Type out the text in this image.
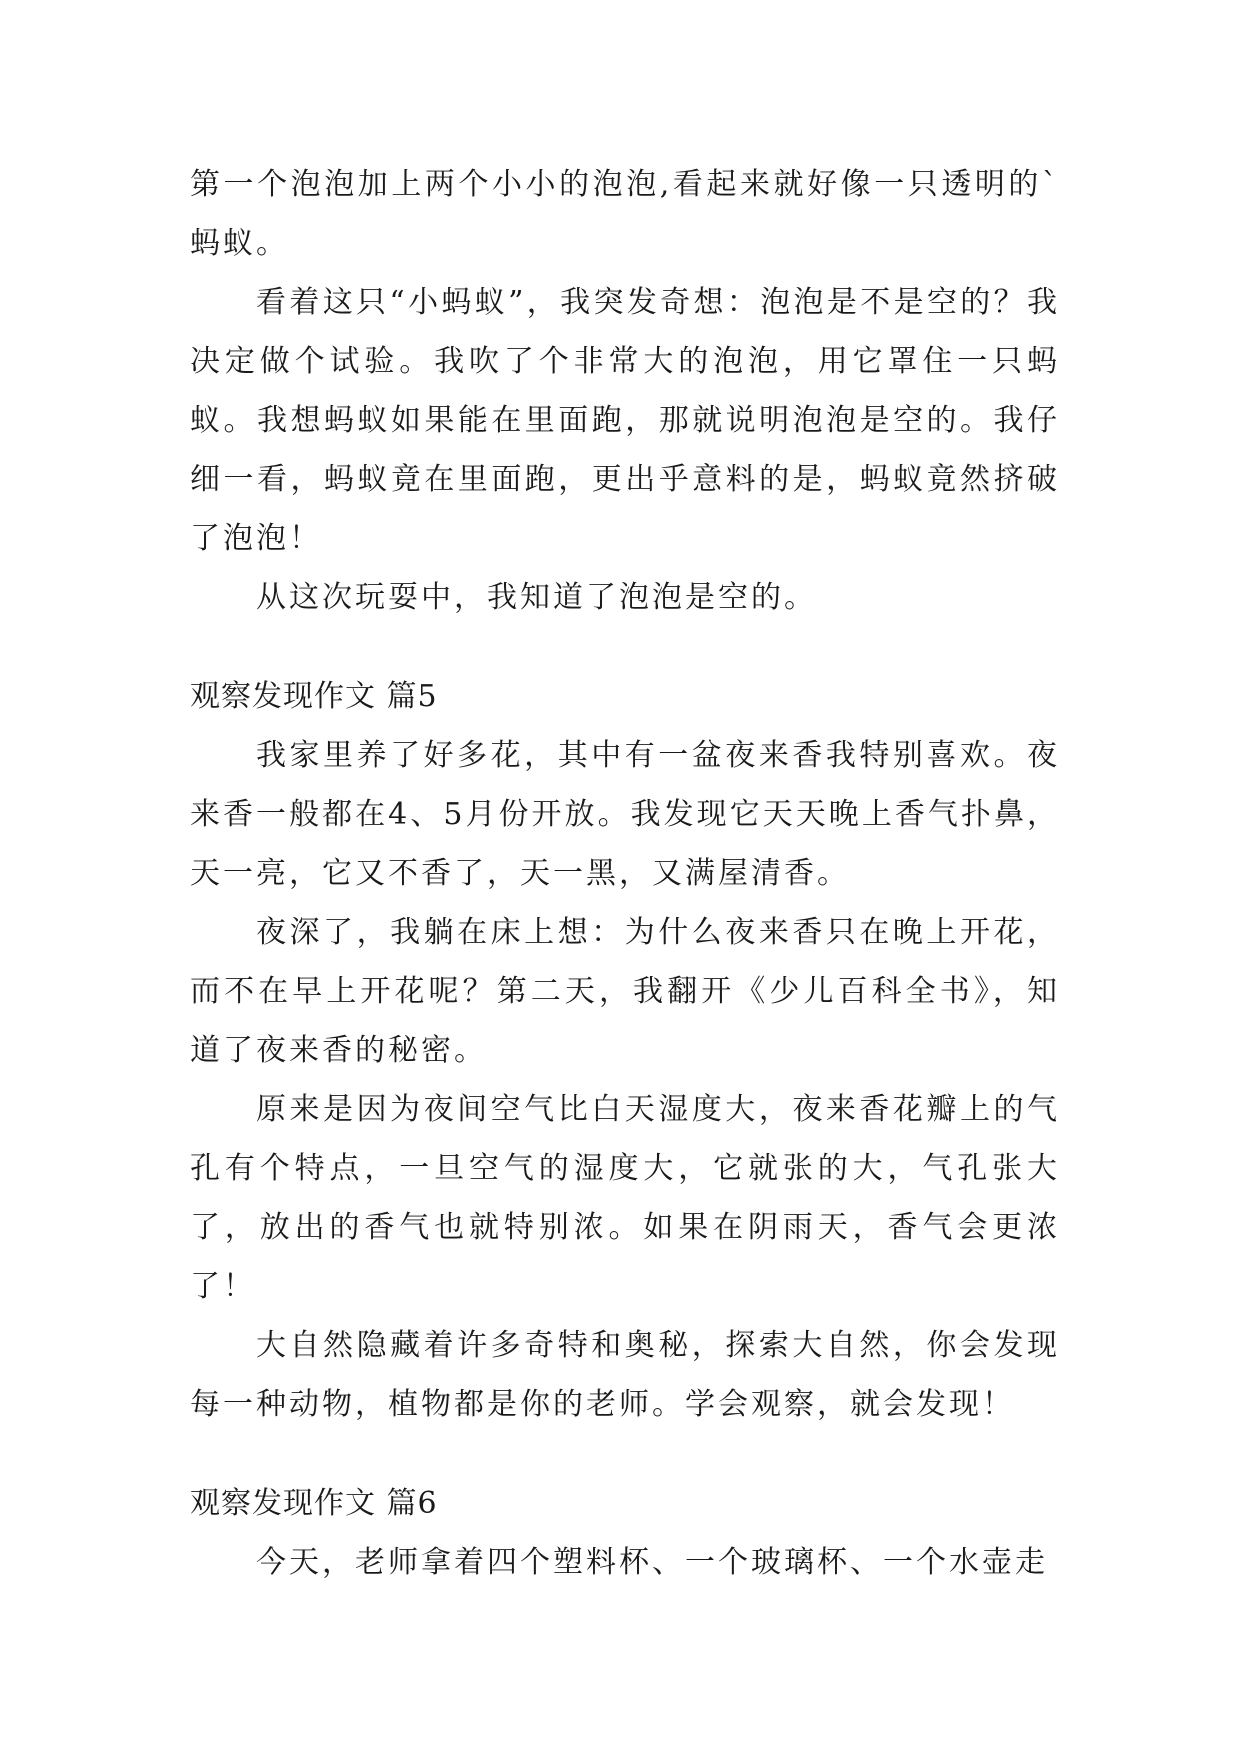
第一个泡泡加上两个小小的泡泡,看起来就好像一只透明的`蚂蚁。

看着这只“小蚂蚁”，我突发奇想：泡泡是不是空的？我决定做个试验。我吹了个非常大的泡泡，用它罩住一只蚂蚁。我想蚂蚁如果能在里面跑，那就说明泡泡是空的。我仔细一看，蚂蚁竟在里面跑，更出乎意料的是，蚂蚁竟然挤破了泡泡！

从这次玩耍中，我知道了泡泡是空的。

观察发现作文 篇5

我家里养了好多花，其中有一盆夜来香我特别喜欢。夜来香一般都在4、5月份开放。我发现它天天晚上香气扑鼻，天一亮，它又不香了，天一黑，又满屋清香。

夜深了，我躺在床上想：为什么夜来香只在晚上开花，而不在早上开花呢？第二天，我翻开《少儿百科全书》，知道了夜来香的秘密。

原来是因为夜间空气比白天湿度大，夜来香花瓣上的气孔有个特点，一旦空气的湿度大，它就张的大，气孔张大了，放出的香气也就特别浓。如果在阴雨天，香气会更浓了！

大自然隐藏着许多奇特和奥秘，探索大自然，你会发现每一种动物，植物都是你的老师。学会观察，就会发现！

观察发现作文 篇6

今天，老师拿着四个塑料杯、一个玻璃杯、一个水壶走
